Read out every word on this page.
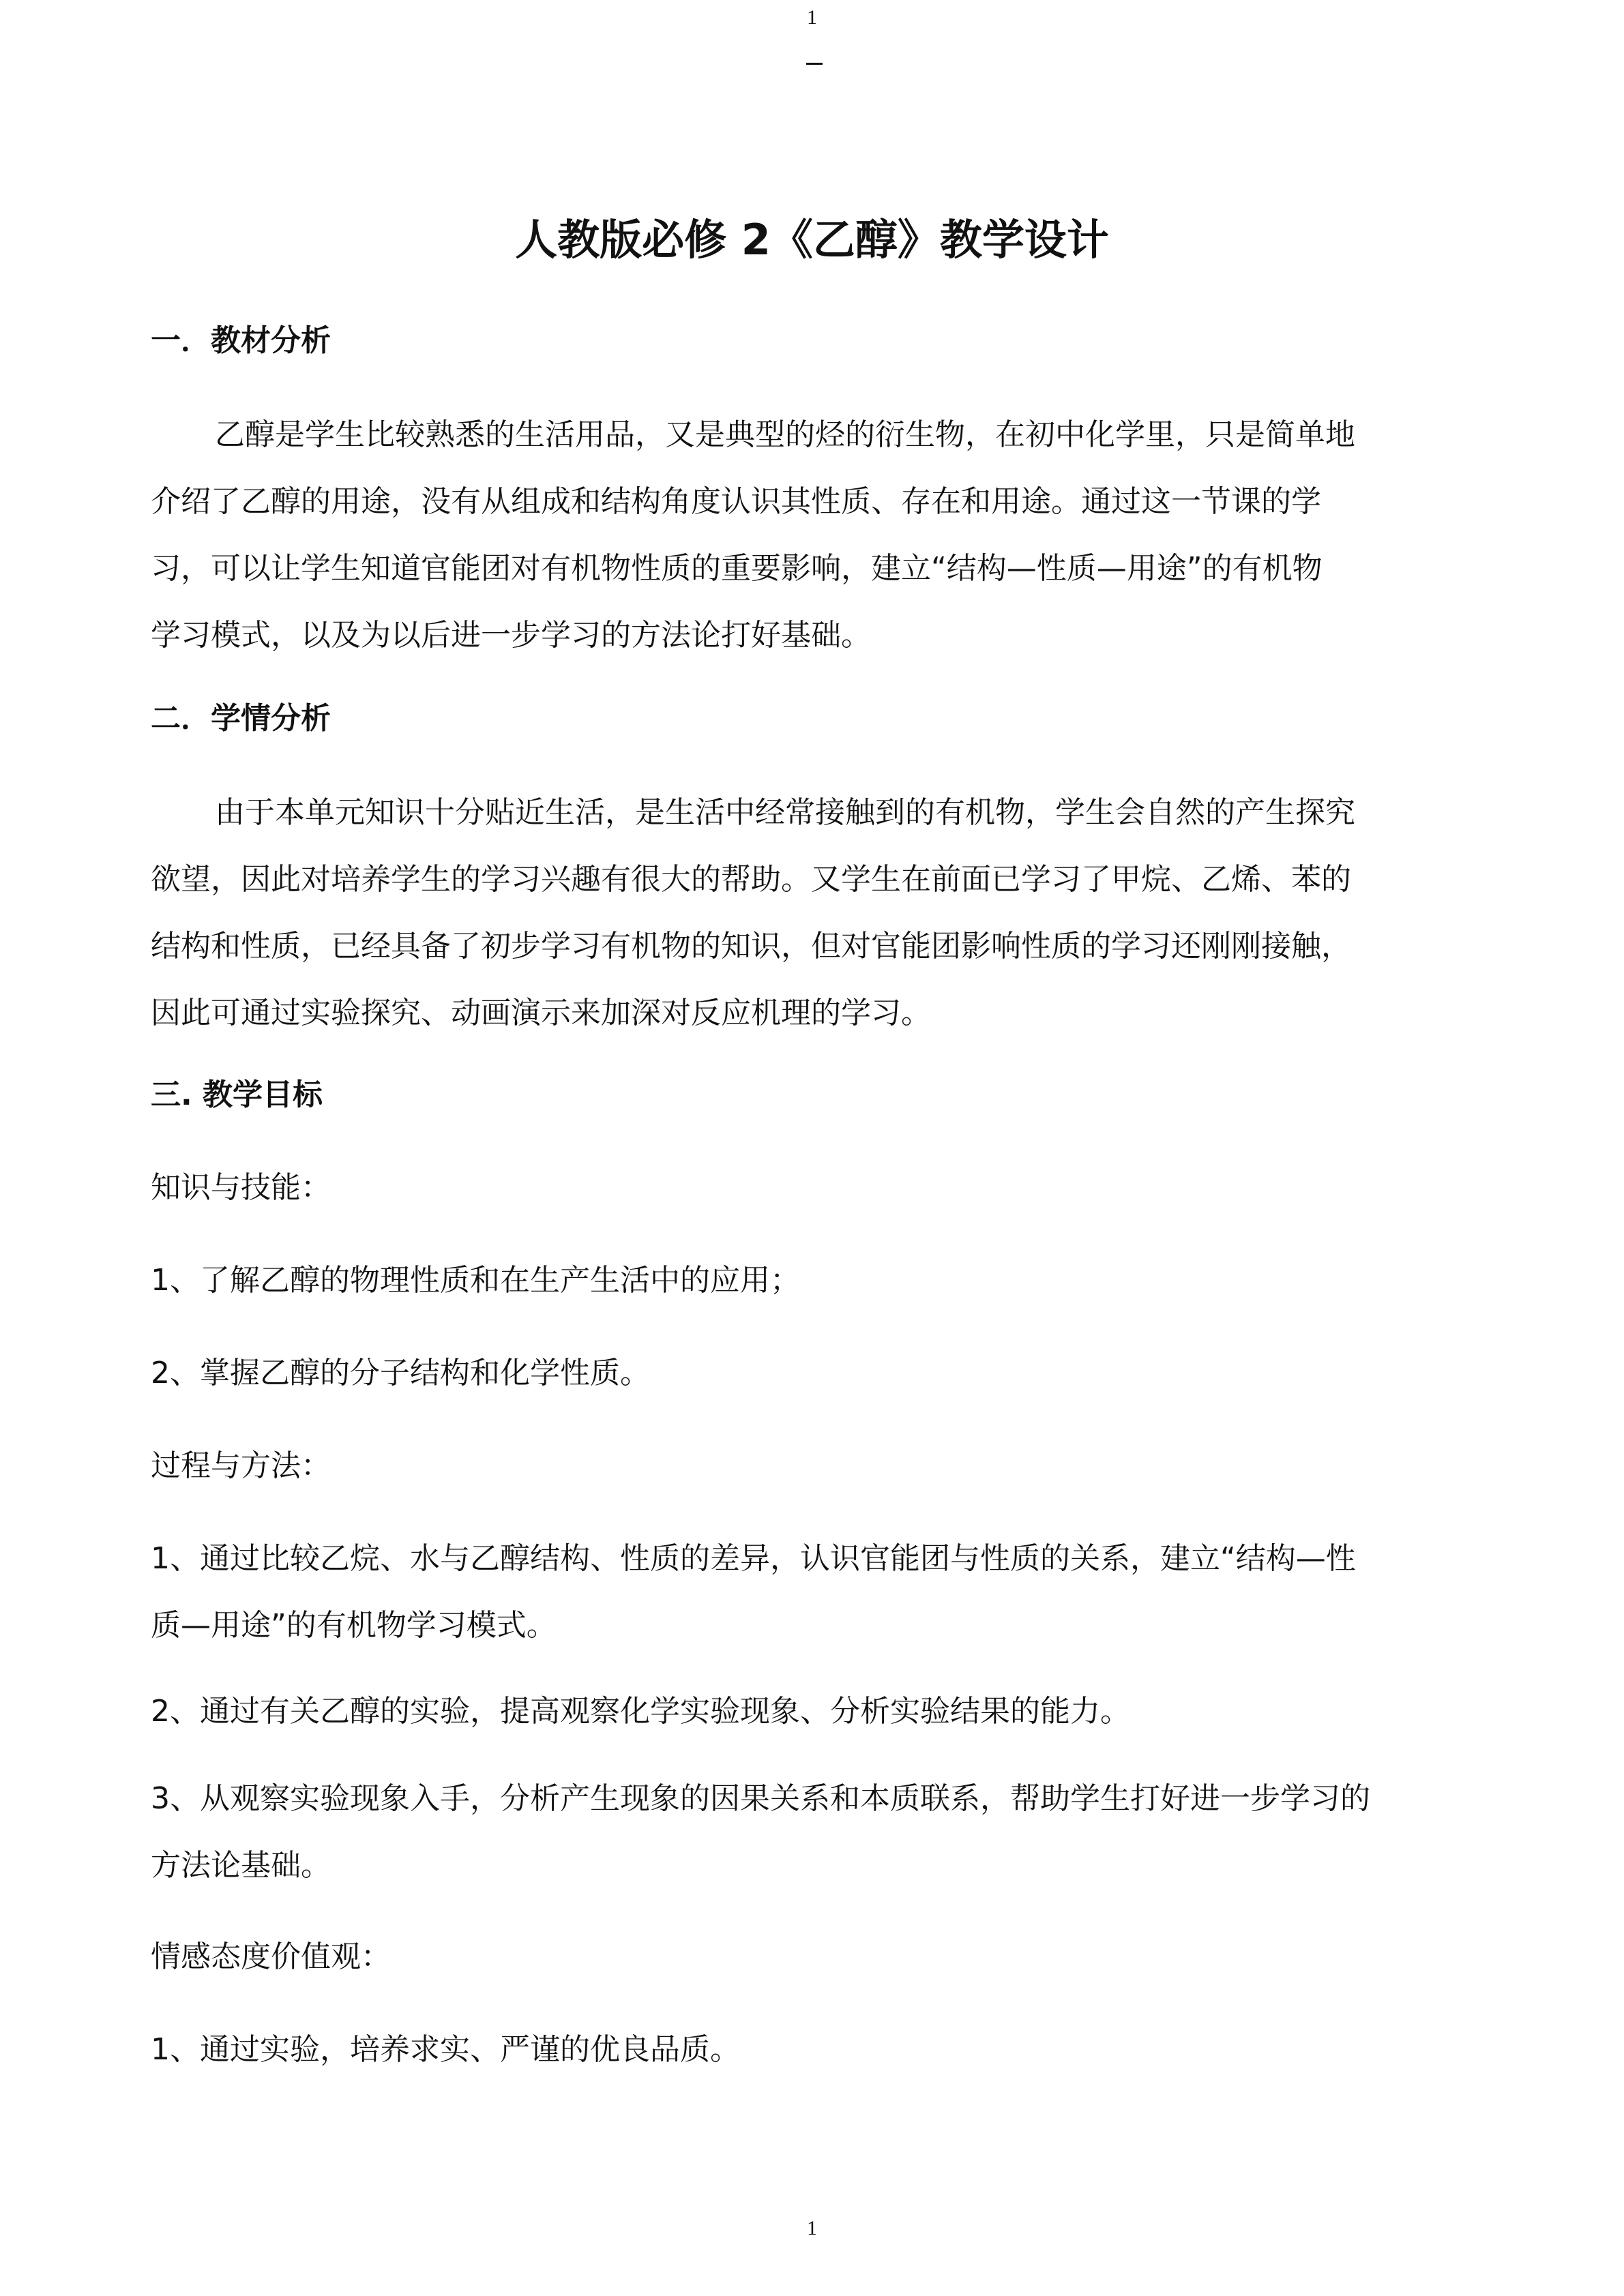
1
人教版必修 2《乙醇》教学设计
一．教材分析
乙醇是学生比较熟悉的生活用品，又是典型的烃的衍生物，在初中化学里，只是简单地
介绍了乙醇的用途，没有从组成和结构角度认识其性质、存在和用途。通过这一节课的学
习，可以让学生知道官能团对有机物性质的重要影响，建立“结构—性质—用途”的有机物
学习模式，以及为以后进一步学习的方法论打好基础。
二．学情分析
由于本单元知识十分贴近生活，是生活中经常接触到的有机物，学生会自然的产生探究
欲望，因此对培养学生的学习兴趣有很大的帮助。又学生在前面已学习了甲烷、乙烯、苯的
结构和性质，已经具备了初步学习有机物的知识，但对官能团影响性质的学习还刚刚接触，
因此可通过实验探究、动画演示来加深对反应机理的学习。
三. 教学目标
知识与技能：
1、了解乙醇的物理性质和在生产生活中的应用；
2、掌握乙醇的分子结构和化学性质。
过程与方法：
1、通过比较乙烷、水与乙醇结构、性质的差异，认识官能团与性质的关系，建立“结构—性
质—用途”的有机物学习模式。
2、通过有关乙醇的实验，提高观察化学实验现象、分析实验结果的能力。
3、从观察实验现象入手，分析产生现象的因果关系和本质联系，帮助学生打好进一步学习的
方法论基础。
情感态度价值观：
1、通过实验，培养求实、严谨的优良品质。
1
